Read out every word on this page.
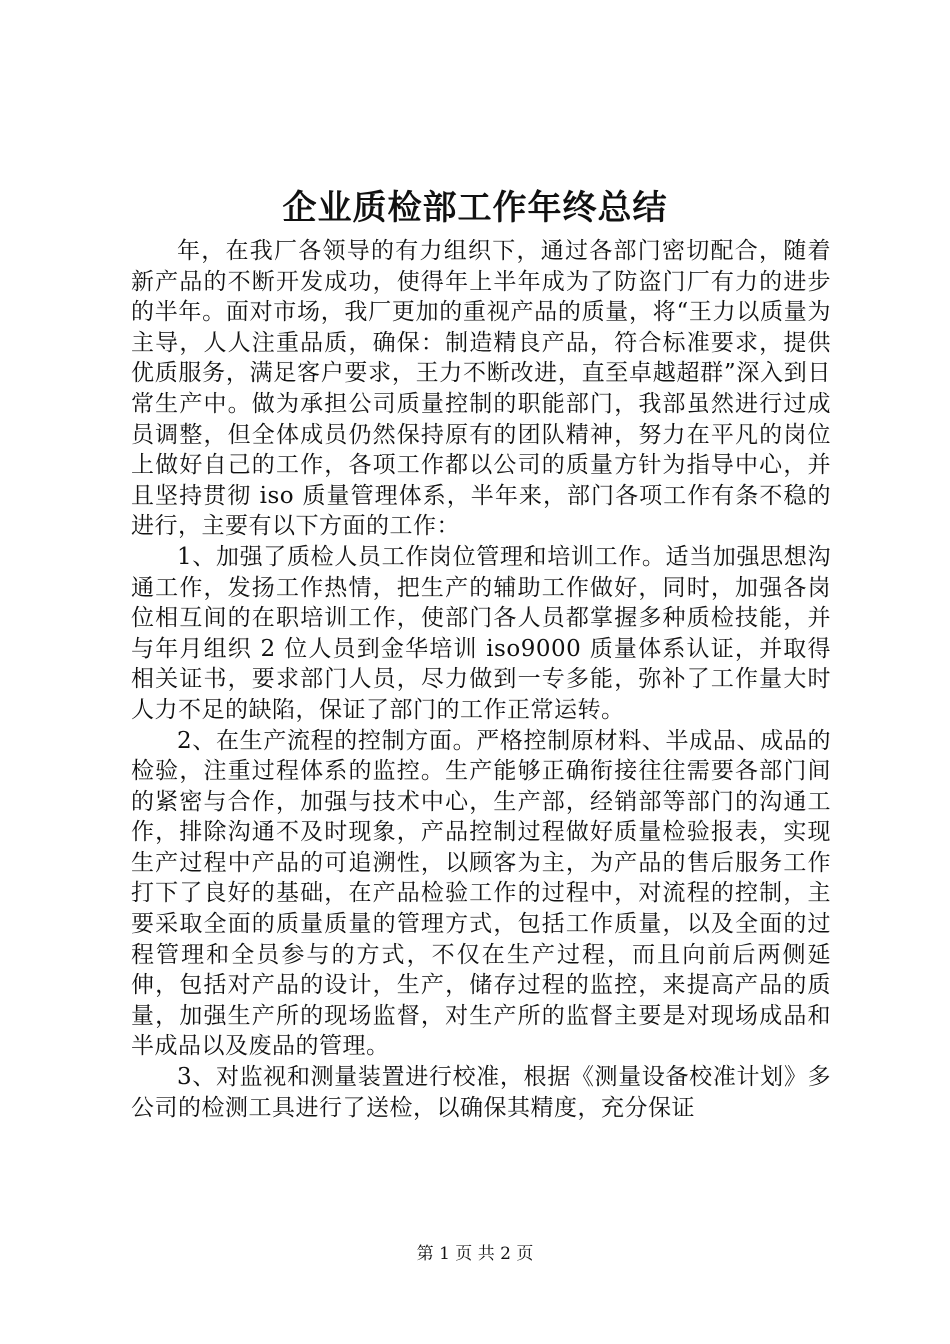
企业质检部工作年终总结

年，在我厂各领导的有力组织下，通过各部门密切配合，随着新产品的不断开发成功，使得年上半年成为了防盗门厂有力的进步的半年。面对市场，我厂更加的重视产品的质量，将“王力以质量为主导，人人注重品质，确保：制造精良产品，符合标准要求，提供优质服务，满足客户要求，王力不断改进，直至卓越超群”深入到日常生产中。做为承担公司质量控制的职能部门，我部虽然进行过成员调整，但全体成员仍然保持原有的团队精神，努力在平凡的岗位上做好自己的工作，各项工作都以公司的质量方针为指导中心，并且坚持贯彻 iso 质量管理体系，半年来，部门各项工作有条不稳的进行，主要有以下方面的工作：

1、加强了质检人员工作岗位管理和培训工作。适当加强思想沟通工作，发扬工作热情，把生产的辅助工作做好，同时，加强各岗位相互间的在职培训工作，使部门各人员都掌握多种质检技能，并与年月组织 2 位人员到金华培训 iso9000 质量体系认证，并取得相关证书，要求部门人员，尽力做到一专多能，弥补了工作量大时人力不足的缺陷，保证了部门的工作正常运转。

2、在生产流程的控制方面。严格控制原材料、半成品、成品的检验，注重过程体系的监控。生产能够正确衔接往往需要各部门间的紧密与合作，加强与技术中心，生产部，经销部等部门的沟通工作，排除沟通不及时现象，产品控制过程做好质量检验报表，实现生产过程中产品的可追溯性，以顾客为主，为产品的售后服务工作打下了良好的基础，在产品检验工作的过程中，对流程的控制，主要采取全面的质量质量的管理方式，包括工作质量，以及全面的过程管理和全员参与的方式，不仅在生产过程，而且向前后两侧延伸，包括对产品的设计，生产，储存过程的监控，来提高产品的质量，加强生产所的现场监督，对生产所的监督主要是对现场成品和半成品以及废品的管理。

3、对监视和测量装置进行校准，根据《测量设备校准计划》多公司的检测工具进行了送检，以确保其精度，充分保证

第 1 页 共 2 页
